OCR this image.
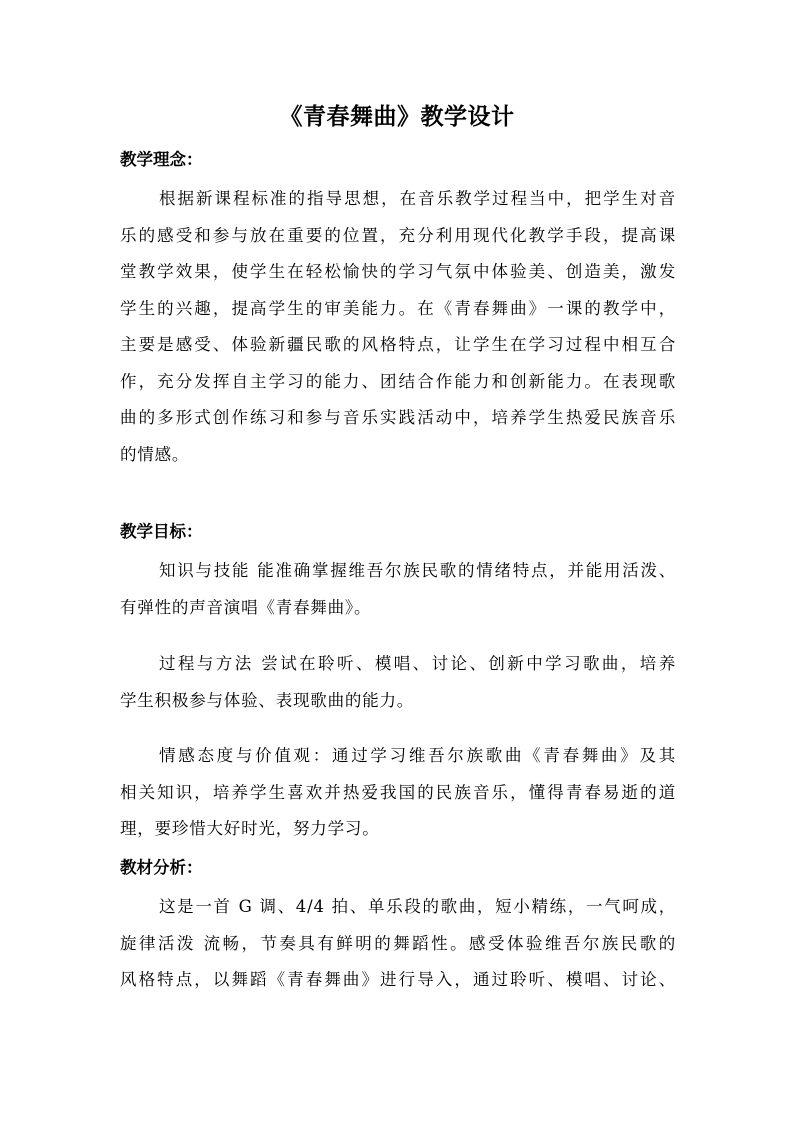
《青春舞曲》教学设计
教学理念：
根据新课程标准的指导思想，在音乐教学过程当中，把学生对音
乐的感受和参与放在重要的位置，充分利用现代化教学手段，提高课
堂教学效果，使学生在轻松愉快的学习气氛中体验美、创造美，激发
学生的兴趣，提高学生的审美能力。在《青春舞曲》一课的教学中，
主要是感受、体验新疆民歌的风格特点，让学生在学习过程中相互合
作，充分发挥自主学习的能力、团结合作能力和创新能力。在表现歌
曲的多形式创作练习和参与音乐实践活动中，培养学生热爱民族音乐
的情感。
教学目标：
知识与技能 能准确掌握维吾尔族民歌的情绪特点，并能用活泼、
有弹性的声音演唱《青春舞曲》。
过程与方法 尝试在聆听、模唱、讨论、创新中学习歌曲，培养
学生积极参与体验、表现歌曲的能力。
情感态度与价值观：通过学习维吾尔族歌曲《青春舞曲》及其
相关知识，培养学生喜欢并热爱我国的民族音乐，懂得青春易逝的道
理，要珍惜大好时光，努力学习。
教材分析：
这是一首 G 调、4/4 拍、单乐段的歌曲，短小精练，一气呵成，
旋律活泼 流畅，节奏具有鲜明的舞蹈性。感受体验维吾尔族民歌的
风格特点，以舞蹈《青春舞曲》进行导入，通过聆听、模唱、讨论、
